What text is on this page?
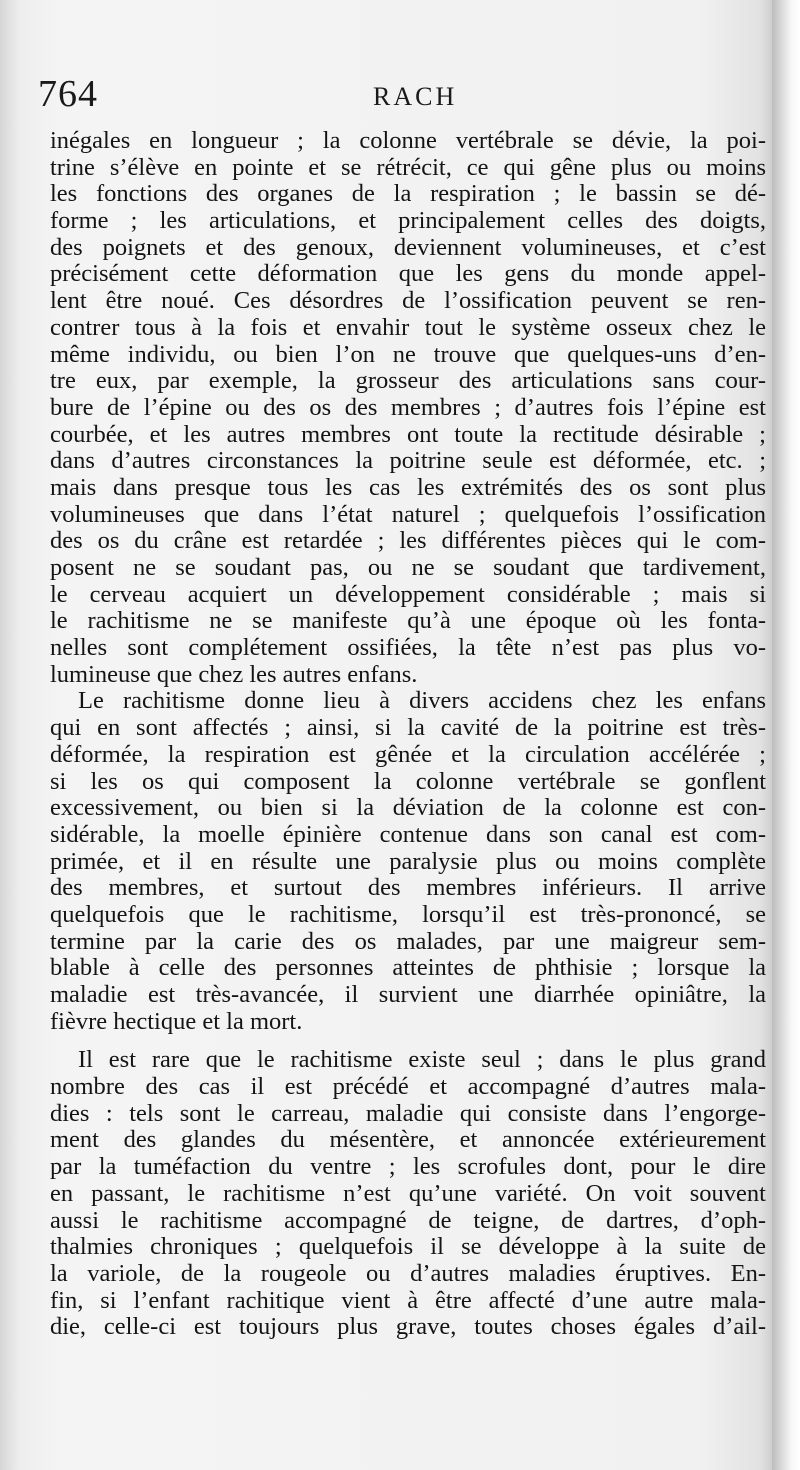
764	RACH
inégales en longueur ; la colonne vertébrale se dévie, la poi-
trine s’élève en pointe et se rétrécit, ce qui gêne plus ou moins
les fonctions des organes de la respiration ; le bassin se dé-
forme ; les articulations, et principalement celles des doigts,
des poignets et des genoux, deviennent volumineuses, et c’est
précisément cette déformation que les gens du monde appel-
lent être noué. Ces désordres de l’ossification peuvent se ren-
contrer tous à la fois et envahir tout le système osseux chez le
même individu, ou bien l’on ne trouve que quelques-uns d’en-
tre eux, par exemple, la grosseur des articulations sans cour-
bure de l’épine ou des os des membres ; d’autres fois l’épine est
courbée, et les autres membres ont toute la rectitude désirable ;
dans d’autres circonstances la poitrine seule est déformée, etc. ;
mais dans presque tous les cas les extrémités des os sont plus
volumineuses que dans l’état naturel ; quelquefois l’ossification
des os du crâne est retardée ; les différentes pièces qui le com-
posent ne se soudant pas, ou ne se soudant que tardivement,
le cerveau acquiert un développement considérable ; mais si
le rachitisme ne se manifeste qu’à une époque où les fonta-
nelles sont complétement ossifiées, la tête n’est pas plus vo-
lumineuse que chez les autres enfans.
Le rachitisme donne lieu à divers accidens chez les enfans
qui en sont affectés ; ainsi, si la cavité de la poitrine est très-
déformée, la respiration est gênée et la circulation accélérée ;
si les os qui composent la colonne vertébrale se gonflent
excessivement, ou bien si la déviation de la colonne est con-
sidérable, la moelle épinière contenue dans son canal est com-
primée, et il en résulte une paralysie plus ou moins complète
des membres, et surtout des membres inférieurs. Il arrive
quelquefois que le rachitisme, lorsqu’il est très-prononcé, se
termine par la carie des os malades, par une maigreur sem-
blable à celle des personnes atteintes de phthisie ; lorsque la
maladie est très-avancée, il survient une diarrhée opiniâtre, la
fièvre hectique et la mort.
Il est rare que le rachitisme existe seul ; dans le plus grand
nombre des cas il est précédé et accompagné d’autres mala-
dies : tels sont le carreau, maladie qui consiste dans l’engorge-
ment des glandes du mésentère, et annoncée extérieurement
par la tuméfaction du ventre ; les scrofules dont, pour le dire
en passant, le rachitisme n’est qu’une variété. On voit souvent
aussi le rachitisme accompagné de teigne, de dartres, d’oph-
thalmies chroniques ; quelquefois il se développe à la suite de
la variole, de la rougeole ou d’autres maladies éruptives. En-
fin, si l’enfant rachitique vient à être affecté d’une autre mala-
die, celle-ci est toujours plus grave, toutes choses égales d’ail-
